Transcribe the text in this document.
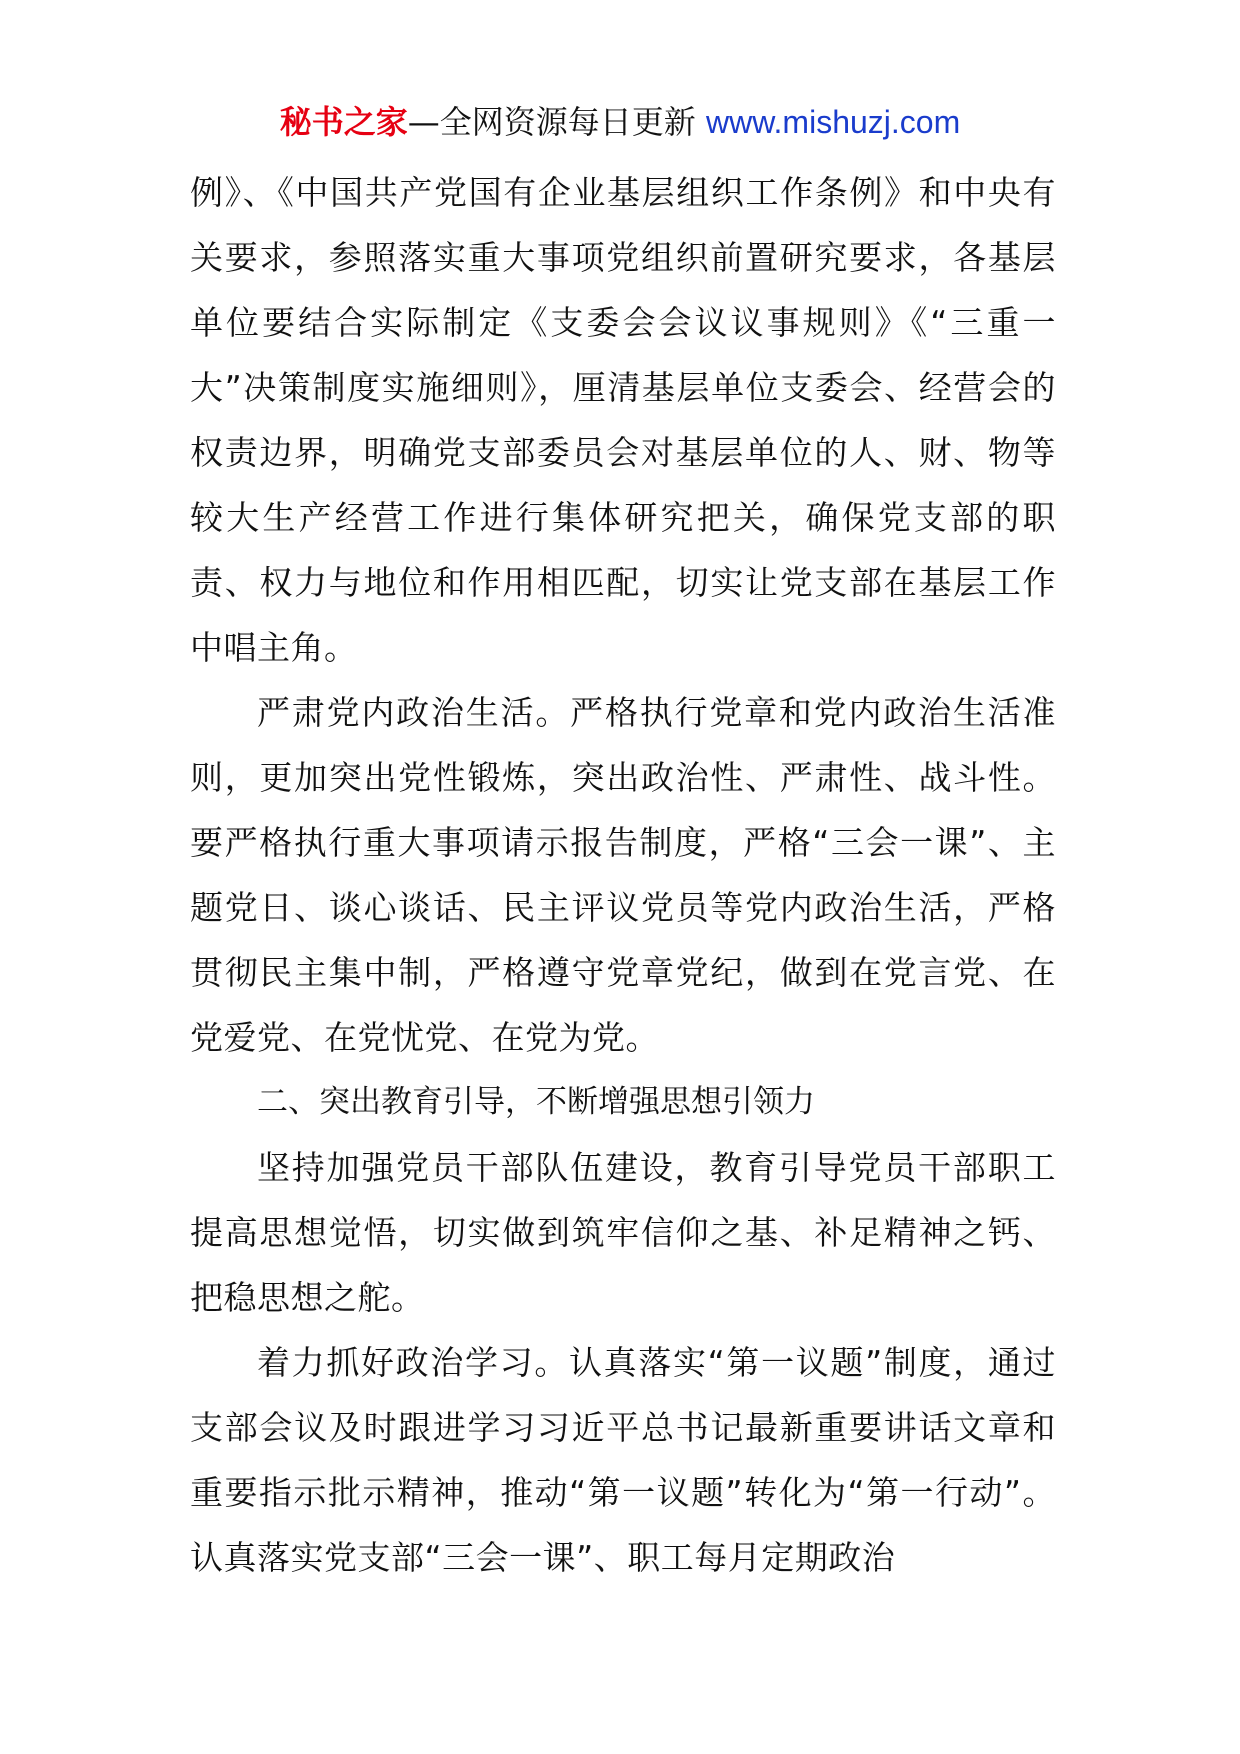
秘书之家—全网资源每日更新 www.mishuzj.com

例》、《中国共产党国有企业基层组织工作条例》和中央有关要求，参照落实重大事项党组织前置研究要求，各基层单位要结合实际制定《支委会会议议事规则》《“三重一大”决策制度实施细则》，厘清基层单位支委会、经营会的权责边界，明确党支部委员会对基层单位的人、财、物等较大生产经营工作进行集体研究把关，确保党支部的职责、权力与地位和作用相匹配，切实让党支部在基层工作中唱主角。

严肃党内政治生活。严格执行党章和党内政治生活准则，更加突出党性锻炼，突出政治性、严肃性、战斗性。要严格执行重大事项请示报告制度，严格“三会一课”、主题党日、谈心谈话、民主评议党员等党内政治生活，严格贯彻民主集中制，严格遵守党章党纪，做到在党言党、在党爱党、在党忧党、在党为党。

二、突出教育引导，不断增强思想引领力

坚持加强党员干部队伍建设，教育引导党员干部职工提高思想觉悟，切实做到筑牢信仰之基、补足精神之钙、把稳思想之舵。

着力抓好政治学习。认真落实“第一议题”制度，通过支部会议及时跟进学习习近平总书记最新重要讲话文章和重要指示批示精神，推动“第一议题”转化为“第一行动”。认真落实党支部“三会一课”、职工每月定期政治
